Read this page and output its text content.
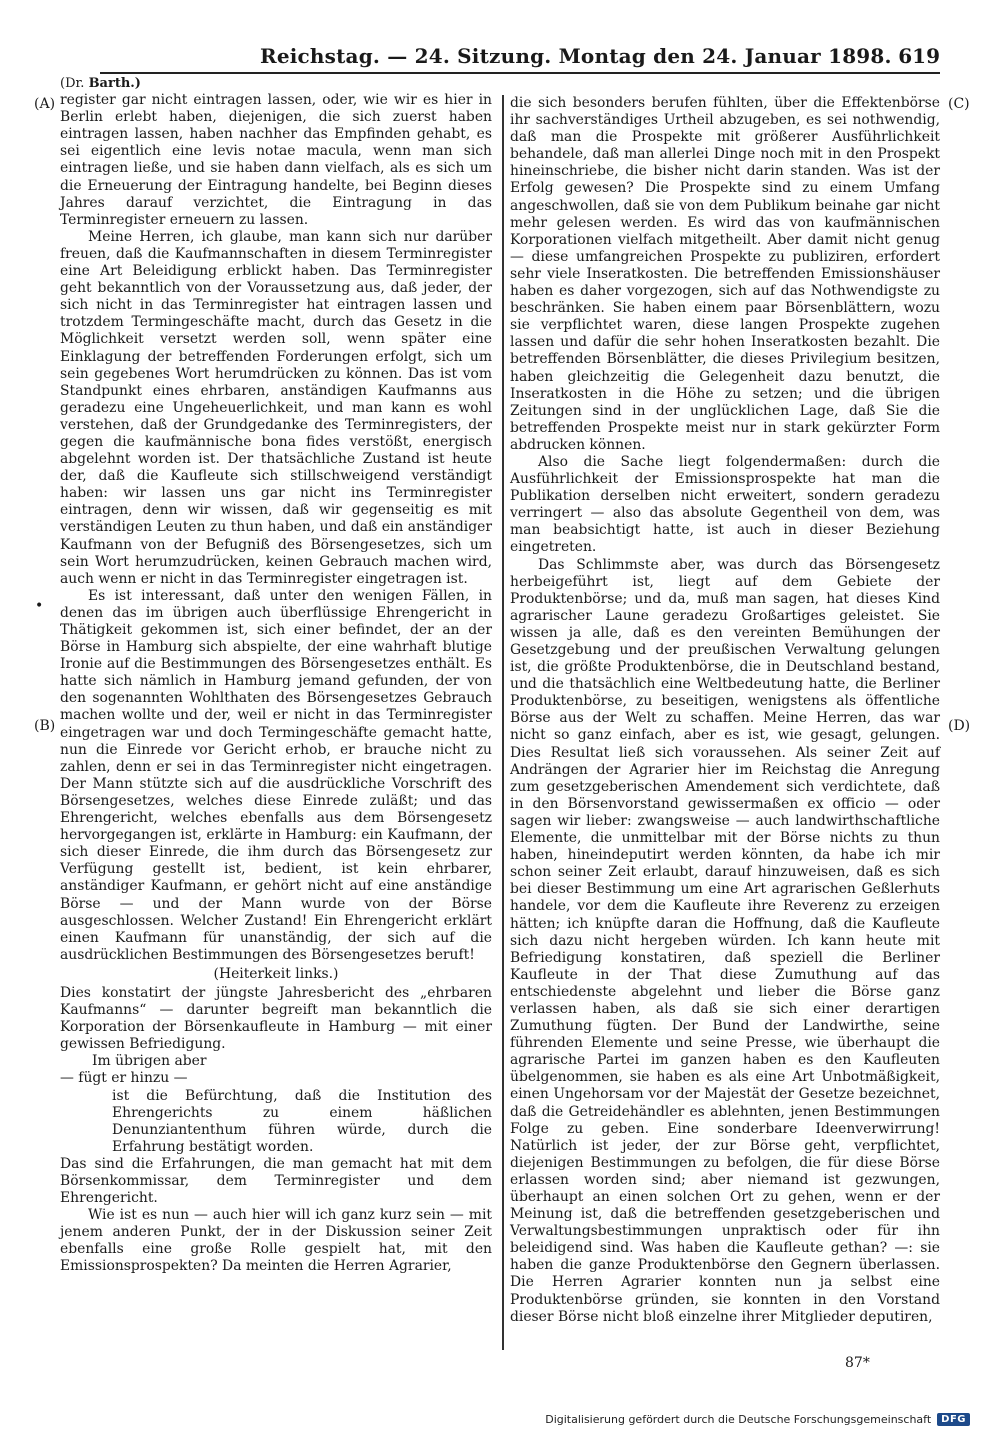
Reichstag. — 24. Sitzung. Montag den 24. Januar 1898. 619
(A)
(B)
(C)
(D)
•

(Dr. Barth.)

register gar nicht eintragen lassen, oder, wie wir es hier in Berlin erlebt haben, diejenigen, die sich zuerst haben eintragen lassen, haben nachher das Empfinden gehabt, es sei eigentlich eine levis notae macula, wenn man sich eintragen ließe, und sie haben dann vielfach, als es sich um die Erneuerung der Eintragung handelte, bei Beginn dieses Jahres darauf verzichtet, die Eintragung in das Terminregister erneuern zu lassen.

Meine Herren, ich glaube, man kann sich nur darüber freuen, daß die Kaufmannschaften in diesem Terminregister eine Art Beleidigung erblickt haben. Das Terminregister geht bekanntlich von der Voraussetzung aus, daß jeder, der sich nicht in das Terminregister hat eintragen lassen und trotzdem Termingeschäfte macht, durch das Gesetz in die Möglichkeit versetzt werden soll, wenn später eine Einklagung der betreffenden Forderungen erfolgt, sich um sein gegebenes Wort herumdrücken zu können. Das ist vom Standpunkt eines ehrbaren, anständigen Kaufmanns aus geradezu eine Ungeheuerlichkeit, und man kann es wohl verstehen, daß der Grundgedanke des Terminregisters, der gegen die kaufmännische bona fides verstößt, energisch abgelehnt worden ist. Der thatsächliche Zustand ist heute der, daß die Kaufleute sich stillschweigend verständigt haben: wir lassen uns gar nicht ins Terminregister eintragen, denn wir wissen, daß wir gegenseitig es mit verständigen Leuten zu thun haben, und daß ein anständiger Kaufmann von der Befugniß des Börsengesetzes, sich um sein Wort herumzudrücken, keinen Gebrauch machen wird, auch wenn er nicht in das Terminregister eingetragen ist.

Es ist interessant, daß unter den wenigen Fällen, in denen das im übrigen auch überflüssige Ehrengericht in Thätigkeit gekommen ist, sich einer befindet, der an der Börse in Hamburg sich abspielte, der eine wahrhaft blutige Ironie auf die Bestimmungen des Börsengesetzes enthält. Es hatte sich nämlich in Hamburg jemand gefunden, der von den sogenannten Wohlthaten des Börsengesetzes Gebrauch machen wollte und der, weil er nicht in das Terminregister eingetragen war und doch Termingeschäfte gemacht hatte, nun die Einrede vor Gericht erhob, er brauche nicht zu zahlen, denn er sei in das Terminregister nicht eingetragen. Der Mann stützte sich auf die ausdrückliche Vorschrift des Börsengesetzes, welches diese Einrede zuläßt; und das Ehrengericht, welches ebenfalls aus dem Börsengesetz hervorgegangen ist, erklärte in Hamburg: ein Kaufmann, der sich dieser Einrede, die ihm durch das Börsengesetz zur Verfügung gestellt ist, bedient, ist kein ehrbarer, anständiger Kaufmann, er gehört nicht auf eine anständige Börse — und der Mann wurde von der Börse ausgeschlossen. Welcher Zustand! Ein Ehrengericht erklärt einen Kaufmann für unanständig, der sich auf die ausdrücklichen Bestimmungen des Börsengesetzes beruft!

(Heiterkeit links.)

Dies konstatirt der jüngste Jahresbericht des „ehrbaren Kaufmanns“ — darunter begreift man bekanntlich die Korporation der Börsenkaufleute in Hamburg — mit einer gewissen Befriedigung.

Im übrigen aber

— fügt er hinzu —

ist die Befürchtung, daß die Institution des Ehrengerichts zu einem häßlichen Denunziantenthum führen würde, durch die Erfahrung bestätigt worden.

Das sind die Erfahrungen, die man gemacht hat mit dem Börsenkommissar, dem Terminregister und dem Ehrengericht.

Wie ist es nun — auch hier will ich ganz kurz sein — mit jenem anderen Punkt, der in der Diskussion seiner Zeit ebenfalls eine große Rolle gespielt hat, mit den Emissionsprospekten? Da meinten die Herren Agrarier,

die sich besonders berufen fühlten, über die Effektenbörse ihr sachverständiges Urtheil abzugeben, es sei nothwendig, daß man die Prospekte mit größerer Ausführlichkeit behandele, daß man allerlei Dinge noch mit in den Prospekt hineinschriebe, die bisher nicht darin standen. Was ist der Erfolg gewesen? Die Prospekte sind zu einem Umfang angeschwollen, daß sie von dem Publikum beinahe gar nicht mehr gelesen werden. Es wird das von kaufmännischen Korporationen vielfach mitgetheilt. Aber damit nicht genug — diese umfangreichen Prospekte zu publiziren, erfordert sehr viele Inseratkosten. Die betreffenden Emissionshäuser haben es daher vorgezogen, sich auf das Nothwendigste zu beschränken. Sie haben einem paar Börsenblättern, wozu sie verpflichtet waren, diese langen Prospekte zugehen lassen und dafür die sehr hohen Inseratkosten bezahlt. Die betreffenden Börsenblätter, die dieses Privilegium besitzen, haben gleichzeitig die Gelegenheit dazu benutzt, die Inseratkosten in die Höhe zu setzen; und die übrigen Zeitungen sind in der unglücklichen Lage, daß Sie die betreffenden Prospekte meist nur in stark gekürzter Form abdrucken können.

Also die Sache liegt folgendermaßen: durch die Ausführlichkeit der Emissionsprospekte hat man die Publikation derselben nicht erweitert, sondern geradezu verringert — also das absolute Gegentheil von dem, was man beabsichtigt hatte, ist auch in dieser Beziehung eingetreten.

Das Schlimmste aber, was durch das Börsengesetz herbeigeführt ist, liegt auf dem Gebiete der Produktenbörse; und da, muß man sagen, hat dieses Kind agrarischer Laune geradezu Großartiges geleistet. Sie wissen ja alle, daß es den vereinten Bemühungen der Gesetzgebung und der preußischen Verwaltung gelungen ist, die größte Produktenbörse, die in Deutschland bestand, und die thatsächlich eine Weltbedeutung hatte, die Berliner Produktenbörse, zu beseitigen, wenigstens als öffentliche Börse aus der Welt zu schaffen. Meine Herren, das war nicht so ganz einfach, aber es ist, wie gesagt, gelungen. Dies Resultat ließ sich voraussehen. Als seiner Zeit auf Andrängen der Agrarier hier im Reichstag die Anregung zum gesetzgeberischen Amendement sich verdichtete, daß in den Börsenvorstand gewissermaßen ex officio — oder sagen wir lieber: zwangsweise — auch landwirthschaftliche Elemente, die unmittelbar mit der Börse nichts zu thun haben, hineindeputirt werden könnten, da habe ich mir schon seiner Zeit erlaubt, darauf hinzuweisen, daß es sich bei dieser Bestimmung um eine Art agrarischen Geßlerhuts handele, vor dem die Kaufleute ihre Reverenz zu erzeigen hätten; ich knüpfte daran die Hoffnung, daß die Kaufleute sich dazu nicht hergeben würden. Ich kann heute mit Befriedigung konstatiren, daß speziell die Berliner Kaufleute in der That diese Zumuthung auf das entschiedenste abgelehnt und lieber die Börse ganz verlassen haben, als daß sie sich einer derartigen Zumuthung fügten. Der Bund der Landwirthe, seine führenden Elemente und seine Presse, wie überhaupt die agrarische Partei im ganzen haben es den Kaufleuten übelgenommen, sie haben es als eine Art Unbotmäßigkeit, einen Ungehorsam vor der Majestät der Gesetze bezeichnet, daß die Getreidehändler es ablehnten, jenen Bestimmungen Folge zu geben. Eine sonderbare Ideenverwirrung! Natürlich ist jeder, der zur Börse geht, verpflichtet, diejenigen Bestimmungen zu befolgen, die für diese Börse erlassen worden sind; aber niemand ist gezwungen, überhaupt an einen solchen Ort zu gehen, wenn er der Meinung ist, daß die betreffenden gesetzgeberischen und Verwaltungsbestimmungen unpraktisch oder für ihn beleidigend sind. Was haben die Kaufleute gethan? —: sie haben die ganze Produktenbörse den Gegnern überlassen. Die Herren Agrarier konnten nun ja selbst eine Produktenbörse gründen, sie konnten in den Vorstand dieser Börse nicht bloß einzelne ihrer Mitglieder deputiren,

87*
Digitalisierung gefördert durch die Deutsche Forschungsgemeinschaft	DFG
